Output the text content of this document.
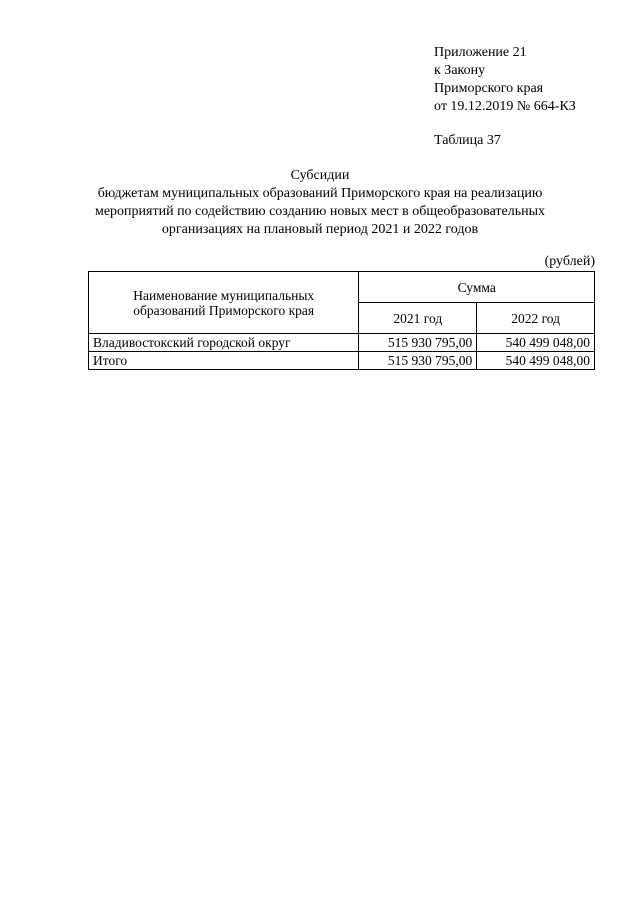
Приложение 21
к Закону
Приморского края
от 19.12.2019 № 664-КЗ
Таблица 37
Субсидии
бюджетам муниципальных образований Приморского края на реализацию
мероприятий по содействию созданию новых мест в общеобразовательных
организациях на плановый период 2021 и 2022 годов
(рублей)
Наименование муниципальных
образований Приморского края	Сумма	
	2021 год	2022 год
Владивостокский городской округ	515 930 795,00	540 499 048,00
Итого	515 930 795,00	540 499 048,00
